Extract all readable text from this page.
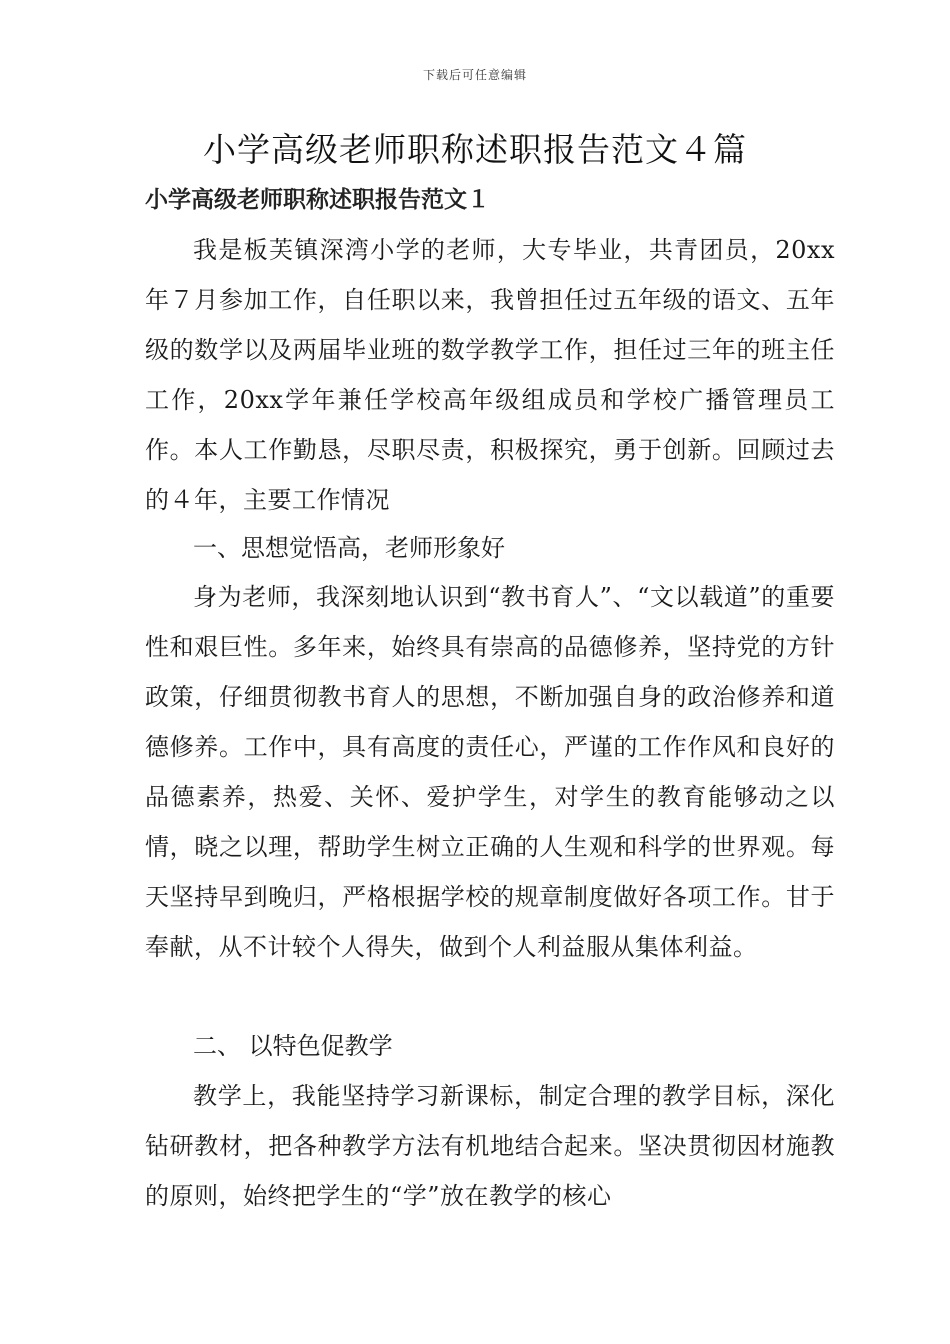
下载后可任意编辑
小学高级老师职称述职报告范文４篇
小学高级老师职称述职报告范文１

我是板芙镇深湾小学的老师，大专毕业，共青团员，20xx年７月参加工作，自任职以来，我曾担任过五年级的语文、五年级的数学以及两届毕业班的数学教学工作，担任过三年的班主任工作，20xx学年兼任学校高年级组成员和学校广播管理员工作。本人工作勤恳，尽职尽责，积极探究，勇于创新。回顾过去的４年，主要工作情况

一、思想觉悟高，老师形象好

身为老师，我深刻地认识到“教书育人”、“文以载道”的重要性和艰巨性。多年来，始终具有崇高的品德修养，坚持党的方针政策，仔细贯彻教书育人的思想，不断加强自身的政治修养和道德修养。工作中，具有高度的责任心，严谨的工作作风和良好的品德素养，热爱、关怀、爱护学生，对学生的教育能够动之以情，晓之以理，帮助学生树立正确的人生观和科学的世界观。每天坚持早到晚归，严格根据学校的规章制度做好各项工作。甘于奉献，从不计较个人得失，做到个人利益服从集体利益。

二、 以特色促教学

教学上，我能坚持学习新课标，制定合理的教学目标，深化钻研教材，把各种教学方法有机地结合起来。坚决贯彻因材施教的原则，始终把学生的“学”放在教学的核心
